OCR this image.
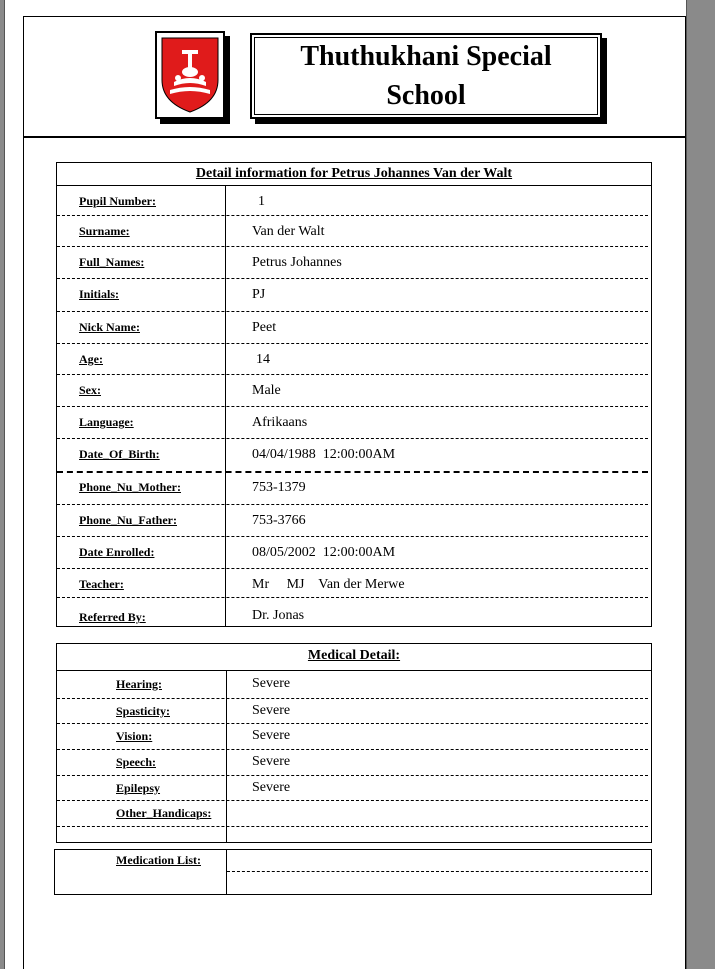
Thuthukhani Special
School
Detail information for Petrus Johannes Van der Walt
Pupil Number:	1
Surname:	Van der Walt
Full_Names:	Petrus Johannes
Initials:	PJ
Nick Name:	Peet
Age:	14
Sex:	Male
Language:	Afrikaans
Date_Of_Birth:	04/04/1988  12:00:00AM
Phone_Nu_Mother:	753-1379
Phone_Nu_Father:	753-3766
Date Enrolled:	08/05/2002  12:00:00AM
Teacher:	Mr     MJ    Van der Merwe
Referred By:	Dr. Jonas
Medical Detail:
Hearing:	Severe
Spasticity:	Severe
Vision:	Severe
Speech:	Severe
Epilepsy	Severe
Other_Handicaps:
Medication List:
